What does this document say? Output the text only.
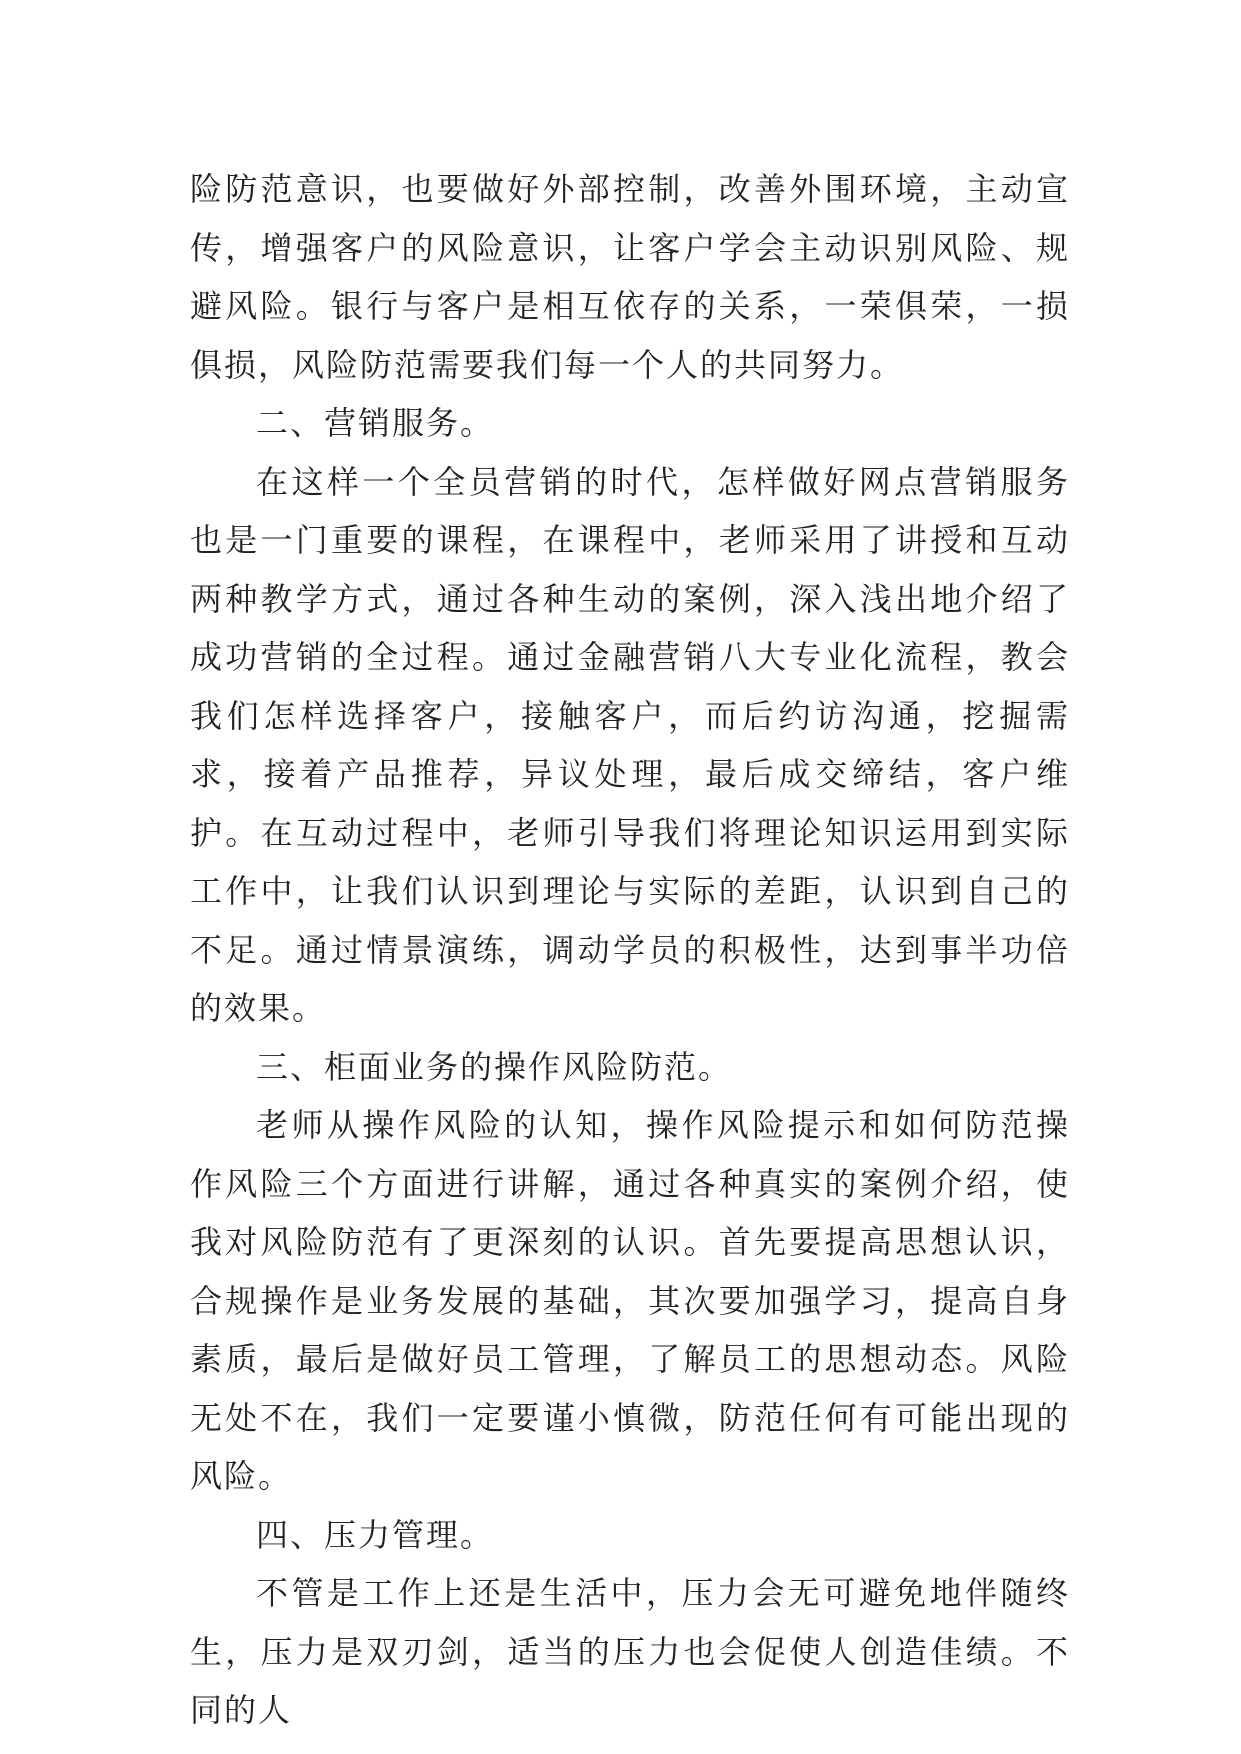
险防范意识，也要做好外部控制，改善外围环境，主动宣传，增强客户的风险意识，让客户学会主动识别风险、规避风险。银行与客户是相互依存的关系，一荣俱荣，一损俱损，风险防范需要我们每一个人的共同努力。

二、营销服务。

在这样一个全员营销的时代，怎样做好网点营销服务也是一门重要的课程，在课程中，老师采用了讲授和互动两种教学方式，通过各种生动的案例，深入浅出地介绍了成功营销的全过程。通过金融营销八大专业化流程，教会我们怎样选择客户，接触客户，而后约访沟通，挖掘需求，接着产品推荐，异议处理，最后成交缔结，客户维护。在互动过程中，老师引导我们将理论知识运用到实际工作中，让我们认识到理论与实际的差距，认识到自己的不足。通过情景演练，调动学员的积极性，达到事半功倍的效果。

三、柜面业务的操作风险防范。

老师从操作风险的认知，操作风险提示和如何防范操作风险三个方面进行讲解，通过各种真实的案例介绍，使我对风险防范有了更深刻的认识。首先要提高思想认识，合规操作是业务发展的基础，其次要加强学习，提高自身素质，最后是做好员工管理，了解员工的思想动态。风险无处不在，我们一定要谨小慎微，防范任何有可能出现的风险。

四、压力管理。

不管是工作上还是生活中，压力会无可避免地伴随终生，压力是双刃剑，适当的压力也会促使人创造佳绩。不同的人
